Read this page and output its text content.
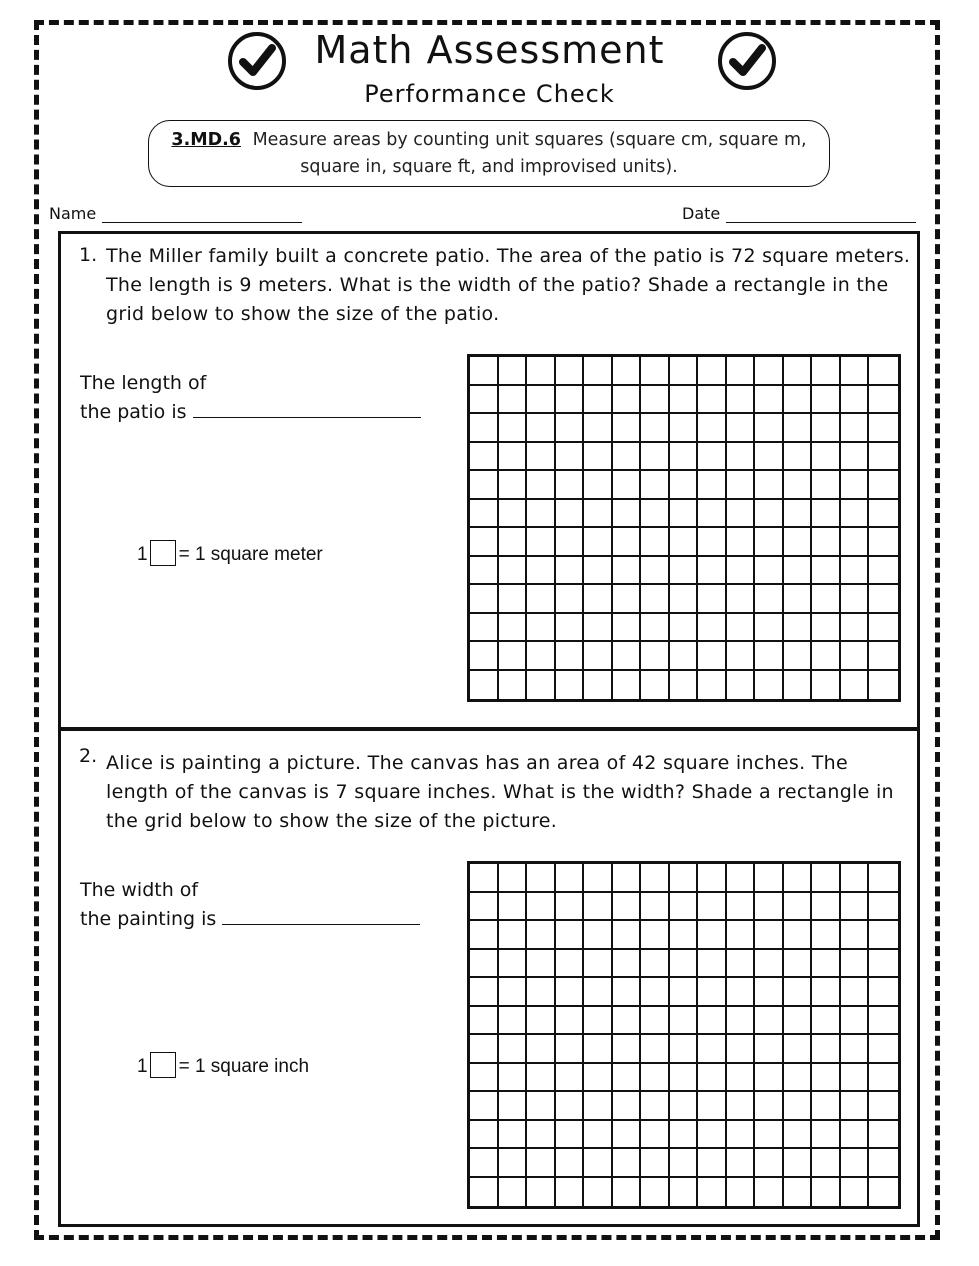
Math Assessment
Performance Check
3.MD.6 Measure areas by counting unit squares (square cm, square m, square in, square ft, and improvised units).
Name	Date
1. The Miller family built a concrete patio. The area of the patio is 72 square meters. The length is 9 meters. What is the width of the patio? Shade a rectangle in the grid below to show the size of the patio.
The length of
the patio is
1 = 1 square meter
2. Alice is painting a picture. The canvas has an area of 42 square inches. The length of the canvas is 7 square inches. What is the width? Shade a rectangle in the grid below to show the size of the picture.
The width of
the painting is
1 = 1 square inch
